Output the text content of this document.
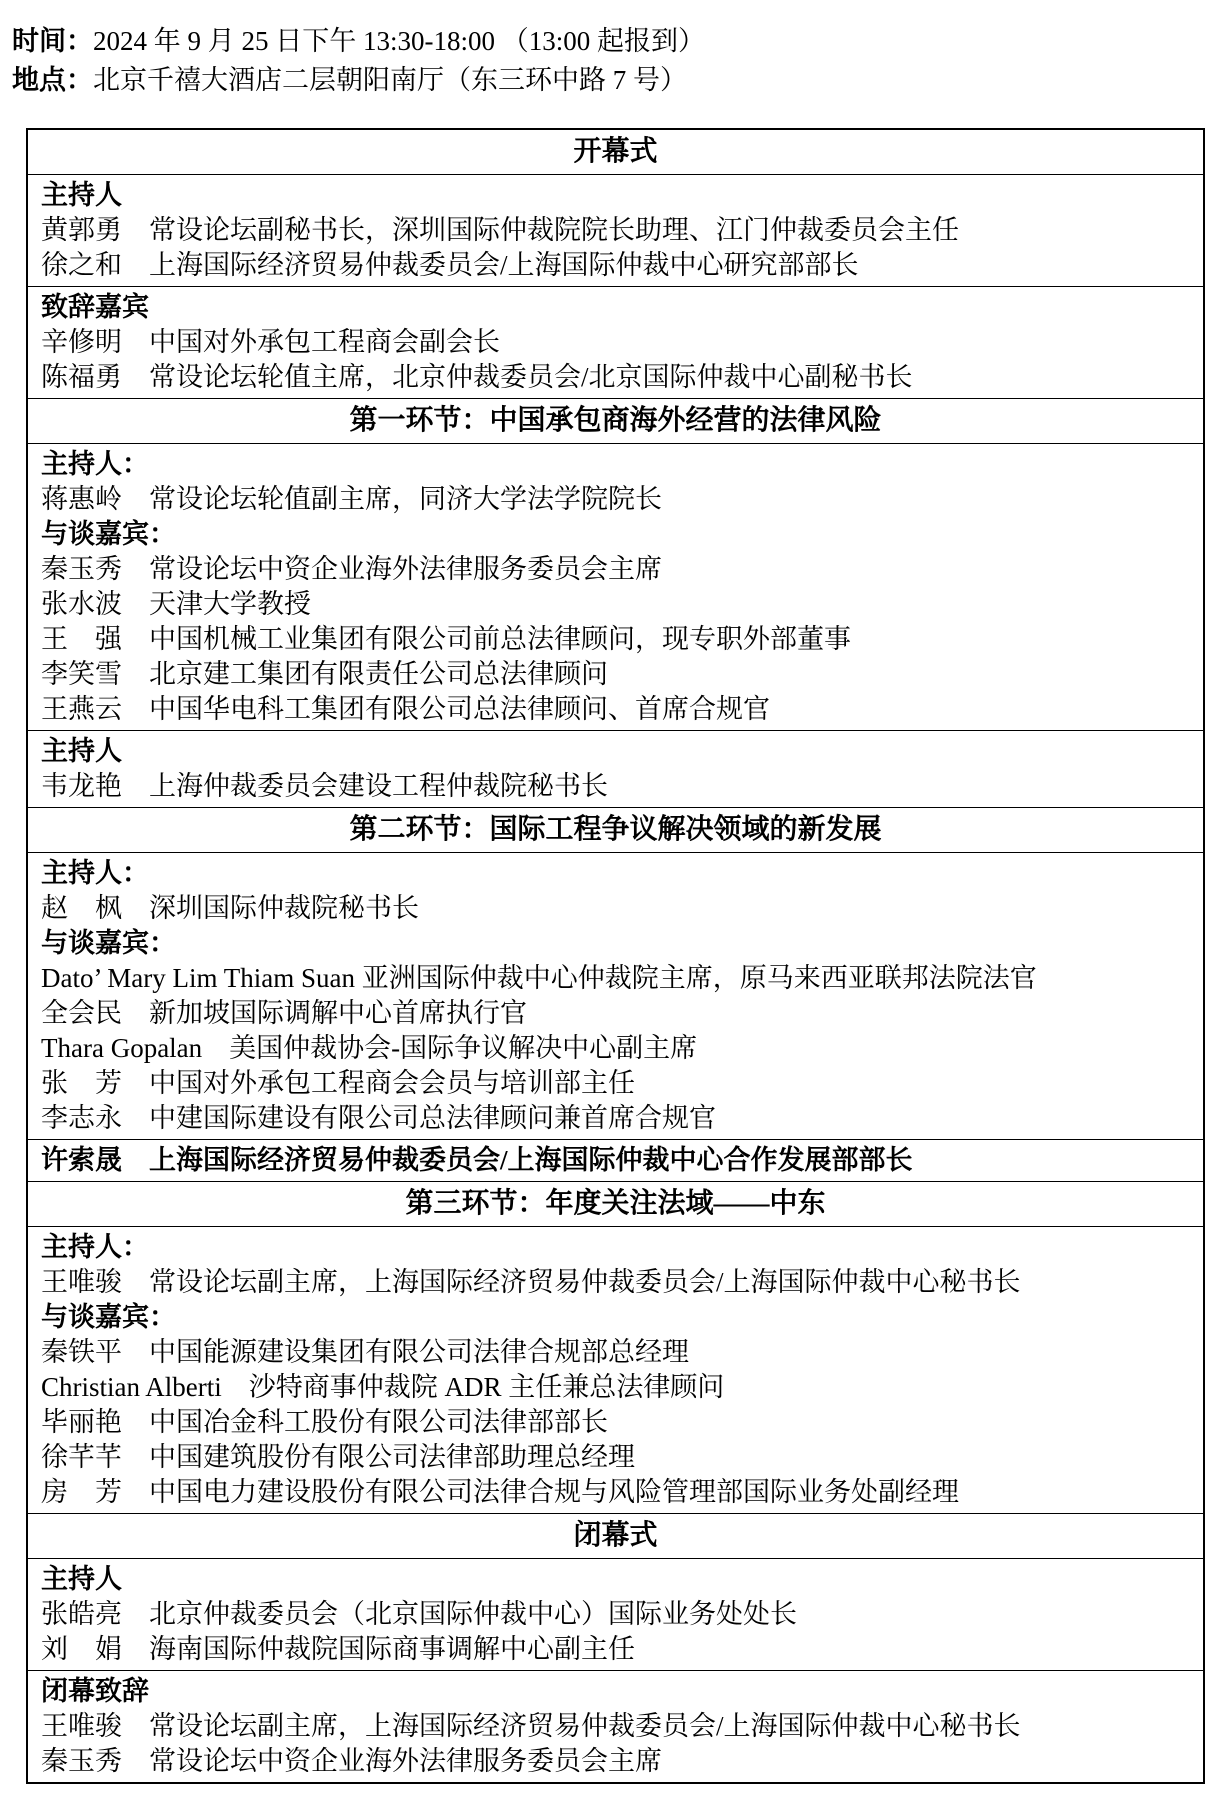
时间：2024 年 9 月 25 日下午 13:30-18:00 （13:00 起报到）
地点：北京千禧大酒店二层朝阳南厅（东三环中路 7 号）
开幕式

主持人
黄郭勇　常设论坛副秘书长，深圳国际仲裁院院长助理、江门仲裁委员会主任
徐之和　上海国际经济贸易仲裁委员会/上海国际仲裁中心研究部部长

致辞嘉宾
辛修明　中国对外承包工程商会副会长
陈福勇　常设论坛轮值主席，北京仲裁委员会/北京国际仲裁中心副秘书长

第一环节：中国承包商海外经营的法律风险

主持人：
蒋惠岭　常设论坛轮值副主席，同济大学法学院院长
与谈嘉宾：
秦玉秀　常设论坛中资企业海外法律服务委员会主席
张水波　天津大学教授
王　强　中国机械工业集团有限公司前总法律顾问，现专职外部董事
李笑雪　北京建工集团有限责任公司总法律顾问
王燕云　中国华电科工集团有限公司总法律顾问、首席合规官

主持人
韦龙艳　上海仲裁委员会建设工程仲裁院秘书长

第二环节：国际工程争议解决领域的新发展

主持人：
赵　枫　深圳国际仲裁院秘书长
与谈嘉宾：
Dato’ Mary Lim Thiam Suan 亚洲国际仲裁中心仲裁院主席，原马来西亚联邦法院法官
全会民　新加坡国际调解中心首席执行官
Thara Gopalan　美国仲裁协会-国际争议解决中心副主席
张　芳　中国对外承包工程商会会员与培训部主任
李志永　中建国际建设有限公司总法律顾问兼首席合规官

许索晟　上海国际经济贸易仲裁委员会/上海国际仲裁中心合作发展部部长

第三环节：年度关注法域——中东

主持人：
王唯骏　常设论坛副主席，上海国际经济贸易仲裁委员会/上海国际仲裁中心秘书长
与谈嘉宾：
秦铁平　中国能源建设集团有限公司法律合规部总经理
Christian Alberti　沙特商事仲裁院 ADR 主任兼总法律顾问
毕丽艳　中国冶金科工股份有限公司法律部部长
徐芊芊　中国建筑股份有限公司法律部助理总经理
房　芳　中国电力建设股份有限公司法律合规与风险管理部国际业务处副经理

闭幕式

主持人
张皓亮　北京仲裁委员会（北京国际仲裁中心）国际业务处处长
刘　娟　海南国际仲裁院国际商事调解中心副主任

闭幕致辞
王唯骏　常设论坛副主席，上海国际经济贸易仲裁委员会/上海国际仲裁中心秘书长
秦玉秀　常设论坛中资企业海外法律服务委员会主席
